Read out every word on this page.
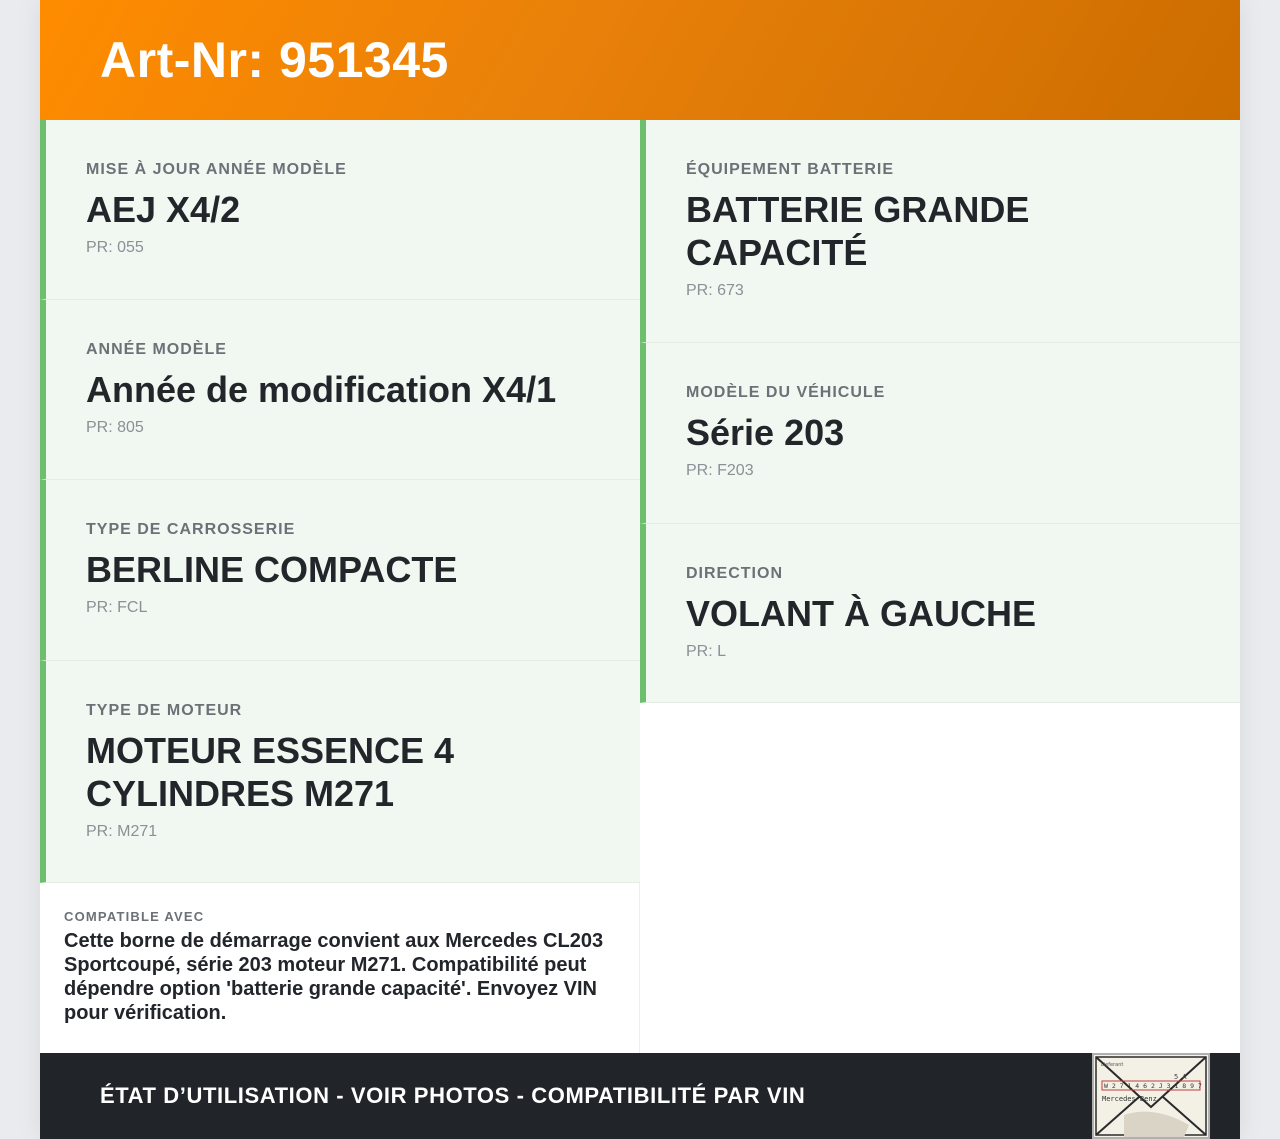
Art-Nr: 951345
MISE À JOUR ANNÉE MODÈLE
AEJ X4/2
PR: 055
ANNÉE MODÈLE
Année de modification X4/1
PR: 805
TYPE DE CARROSSERIE
BERLINE COMPACTE
PR: FCL
TYPE DE MOTEUR
MOTEUR ESSENCE 4 CYLINDRES M271
PR: M271
ÉQUIPEMENT BATTERIE
BATTERIE GRANDE CAPACITÉ
PR: 673
MODÈLE DU VÉHICULE
Série 203
PR: F203
DIRECTION
VOLANT À GAUCHE
PR: L
COMPATIBLE AVEC
Cette borne de démarrage convient aux Mercedes CL203 Sportcoupé, série 203 moteur M271. Compatibilité peut dépendre option 'batterie grande capacité'. Envoyez VIN pour vérification.
ÉTAT D’UTILISATION - VOIR PHOTOS - COMPATIBILITÉ PAR VIN
Lieferant
5 A
W 2 7 1 4 6 2 J 3 1 8 9 7
Mercedes-Benz
